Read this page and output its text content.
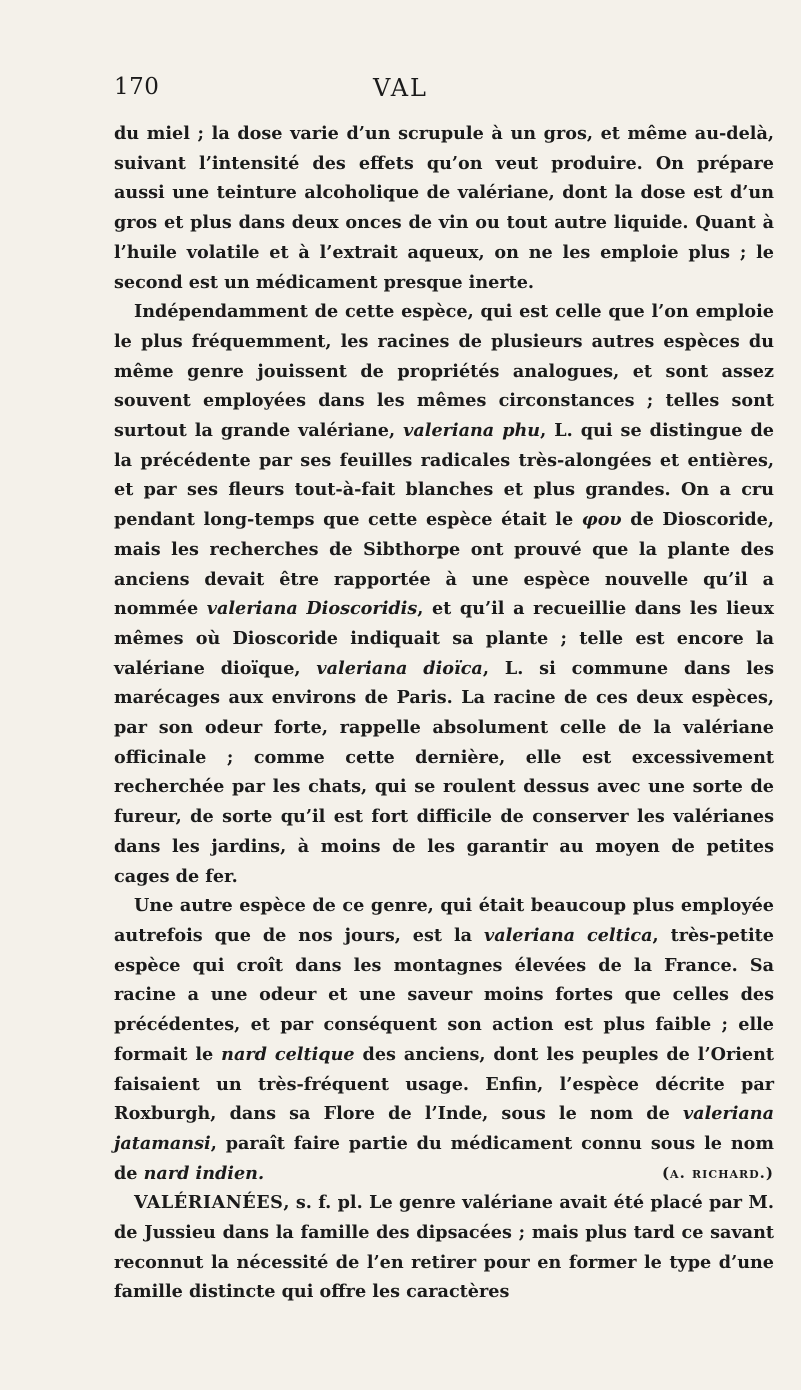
170	VAL

du miel ; la dose varie d’un scrupule à un gros, et même au-delà, suivant l’intensité des effets qu’on veut produire. On prépare aussi une teinture alcoholique de valériane, dont la dose est d’un gros et plus dans deux onces de vin ou tout autre liquide. Quant à l’huile volatile et à l’extrait aqueux, on ne les emploie plus ; le second est un médicament presque inerte.

Indépendamment de cette espèce, qui est celle que l’on emploie le plus fréquemment, les racines de plusieurs autres espèces du même genre jouissent de propriétés analogues, et sont assez souvent employées dans les mêmes circonstances ; telles sont surtout la grande valériane, valeriana phu, L. qui se distingue de la précédente par ses feuilles radicales très-alongées et entières, et par ses fleurs tout-à-fait blanches et plus grandes. On a cru pendant long-temps que cette espèce était le φου de Dioscoride, mais les recherches de Sibthorpe ont prouvé que la plante des anciens devait être rapportée à une espèce nouvelle qu’il a nommée valeriana Dioscoridis, et qu’il a recueillie dans les lieux mêmes où Dioscoride indiquait sa plante ; telle est encore la valériane dioïque, valeriana dioïca, L. si commune dans les marécages aux environs de Paris. La racine de ces deux espèces, par son odeur forte, rappelle absolument celle de la valériane officinale ; comme cette dernière, elle est excessivement recherchée par les chats, qui se roulent dessus avec une sorte de fureur, de sorte qu’il est fort difficile de conserver les valérianes dans les jardins, à moins de les garantir au moyen de petites cages de fer.

Une autre espèce de ce genre, qui était beaucoup plus employée autrefois que de nos jours, est la valeriana celtica, très-petite espèce qui croît dans les montagnes élevées de la France. Sa racine a une odeur et une saveur moins fortes que celles des précédentes, et par conséquent son action est plus faible ; elle formait le nard celtique des anciens, dont les peuples de l’Orient faisaient un très-fréquent usage. Enfin, l’espèce décrite par Roxburgh, dans sa Flore de l’Inde, sous le nom de valeriana jatamansi, paraît faire partie du médicament connu sous le nom de nard indien.	(a. richard.)

VALÉRIANÉES, s. f. pl. Le genre valériane avait été placé par M. de Jussieu dans la famille des dipsacées ; mais plus tard ce savant reconnut la nécessité de l’en retirer pour en former le type d’une famille distincte qui offre les caractères
